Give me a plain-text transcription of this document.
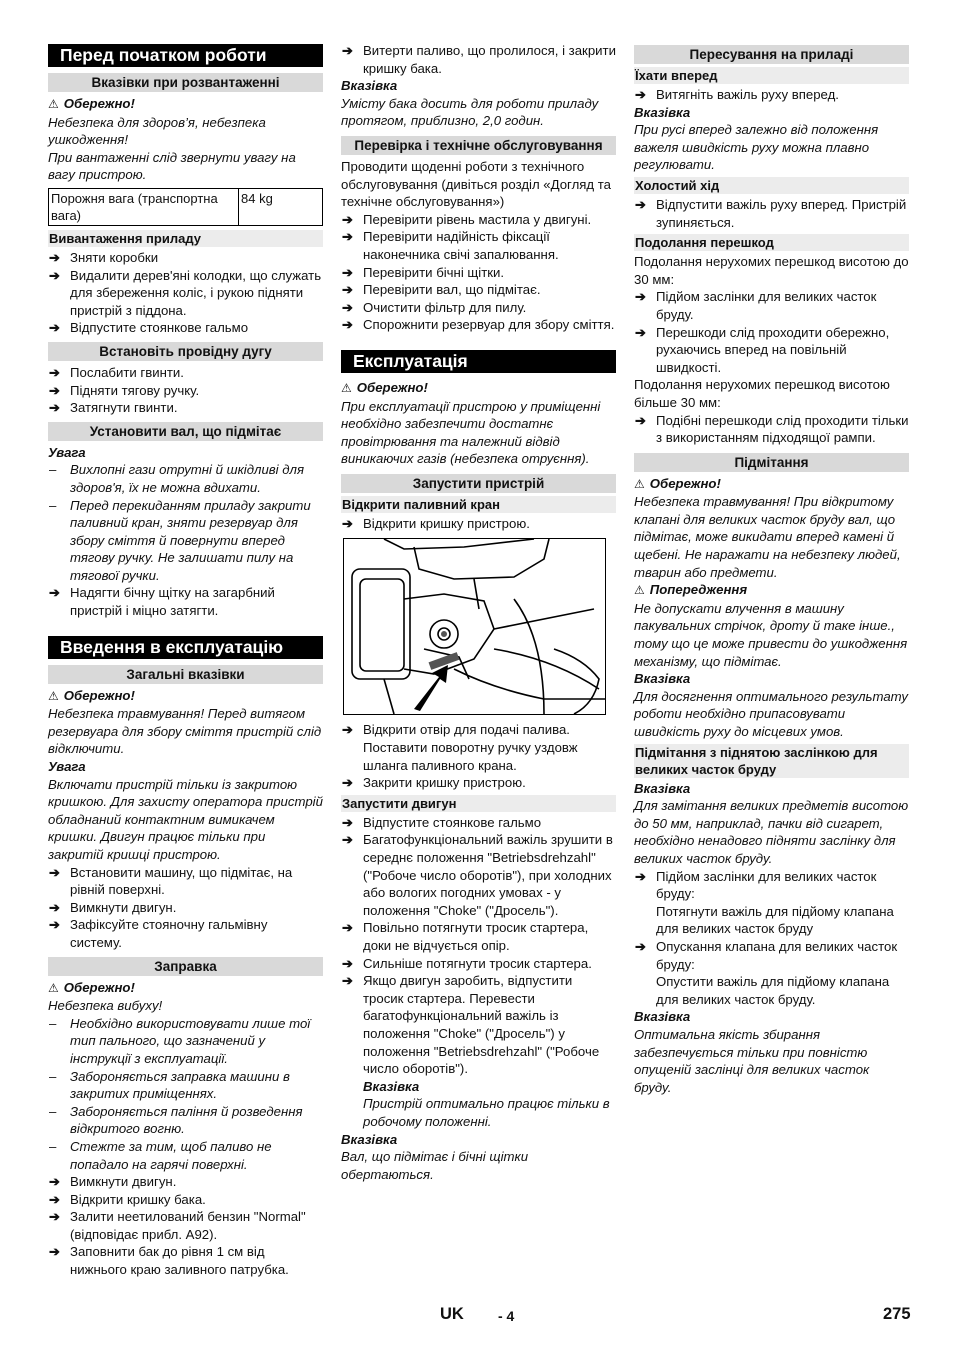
Перед початком роботи
Вказівки при розвантаженні
⚠ Обережно!

Небезпека для здоров’я, небезпека ушкодження!

При вантаженні слід звернути увагу на вагу пристрою.

Порожня вага (транспортна вага)	84 kg
Вивантаження приладу
➔ Зняти коробки
➔ Видалити дерев'яні колодки, що служать для збереження коліс, і рукою підняти пристрій з піддона.
➔ Відпустите стоянкове гальмо
Встановіть провідну дугу
➔ Послабити гвинти.
➔ Підняти тягову ручку.
➔ Затягнути гвинти.
Установити вал, що підмітає
Увага
– Вихлопні гази отрутні й шкідливі для здоров'я, їх не можна вдихати.
– Перед перекиданням приладу закрити паливний кран, зняти резервуар для збору сміття й повернути вперед тягову ручку. Не залишати пилу на тягової ручки.
➔ Надягти бічну щітку на загарбний пристрій і міцно затягти.
Введення в експлуатацію
Загальні вказівки
⚠ Обережно!

Небезпека травмування! Перед витягом резервуара для збору сміття пристрій слід відключити.

Увага

Включати пристрій тільки із закритою кришкою. Для захисту оператора пристрій обладнаний контактним вимикачем кришки. Двигун працює тільки при закритій кришці пристрою.

➔ Встановити машину, що підмітає, на рівній поверхні.
➔ Вимкнути двигун.
➔ Зафіксуйте стояночну гальмівну систему.
Заправка
⚠ Обережно!

Небезпека вибуху!

– Необхідно використовувати лише тої тип пального, що зазначений у інструкції з експлуатації.
– Забороняється заправка машини в закритих приміщеннях.
– Забороняється паління й розведення відкритого вогню.
– Стежте за тим, щоб паливо не попадало на гарячі поверхні.
➔ Вимкнути двигун.
➔ Відкрити кришку бака.
➔ Залити неетилований бензин "Normal" (відповідає прибл. А92).
➔ Заповнити бак до рівня 1 см від нижнього краю заливного патрубка.
➔ Витерти паливо, що пролилося, і закрити кришку бака.
Вказівка

Умісту бака досить для роботи приладу протягом, приблизно, 2,0 годин.

Перевірка і технічне обслуговування

Проводити щоденні роботи з технічного обслуговування (дивіться розділ «Догляд та технічне обслуговування»)

➔ Перевірити рівень мастила у двигуні.
➔ Перевірити надійність фіксації наконечника свічі запалювання.
➔ Перевірити бічні щітки.
➔ Перевірити вал, що підмітає.
➔ Очистити фільтр для пилу.
➔ Спорожнити резервуар для збору сміття.
Експлуатація
⚠ Обережно!

При експлуатації пристрою у приміщенні необхідно забезпечити достатнє провітрювання та належний відвід виникаючих газів (небезпека отруєння).

Запустити пристрій
Відкрити паливний кран
➔ Відкрити кришку пристрою.
➔ Відкрити отвір для подачі палива. Поставити поворотну ручку уздовж шланга паливного крана.
➔ Закрити кришку пристрою.
Запустити двигун
➔ Відпустите стоянкове гальмо
➔ Багатофункціональний важіль зрушити в середнє положення "Betriebsdrehzahl" ("Робоче число оборотів"), при холодних або вологих погодних умовах - у положення "Choke" ("Дросель").
➔ Повільно потягнути тросик стартера, доки не відчується опір.
➔ Сильніше потягнути тросик стартера.
➔ Якщо двигун заробить, відпустити тросик стартера. Перевести багатофункціональний важіль із положення "Choke" ("Дросель") у положення "Betriebsdrehzahl" ("Робоче число оборотів").
Вказівка
Пристрій оптимально працює тільки в робочому положенні.
Вказівка

Вал, що підмітає і бічні щітки обертаються.

Пересування на приладі
Їхати вперед
➔ Витягніть важіль руху вперед.
Вказівка

При русі вперед залежно від положення важеля швидкість руху можна плавно регулювати.

Холостий хід
➔ Відпустити важіль руху вперед. Пристрій зупиняється.
Подолання перешкод

Подолання нерухомих перешкод висотою до 30 мм:

➔ Підйом заслінки для великих часток бруду.
➔ Перешкоди слід проходити обережно, рухаючись вперед на повільній швидкості.

Подолання нерухомих перешкод висотою більше 30 мм:

➔ Подібні перешкоди слід проходити тільки з використанням підходящої рампи.
Підмітання
⚠ Обережно!

Небезпека травмування! При відкритому клапані для великих часток бруду вал, що підмітає, може викидати вперед камені й щебені. Не наражати на небезпеку людей, тварин або предмети.

⚠ Попередження

Не допускати влучення в машину пакувальних стрічок, дроту й таке інше., тому що це може привести до ушкодження механізму, що підмітає.

Вказівка

Для досягнення оптимального результату роботи необхідно припасовувати швидкість руху до місцевих умов.

Підмітання з піднятою заслінкою для великих часток бруду
Вказівка

Для замітання великих предметів висотою до 50 мм, наприклад, пачки від сигарет, необхідно ненадовго підняти заслінку для великих часток бруду.

➔ Підйом заслінки для великих часток бруду:
Потягнути важіль для підйому клапана для великих часток бруду
➔ Опускання клапана для великих часток бруду:
Опустити важіль для підйому клапана для великих часток бруду.
Вказівка

Оптимальна якість збирання забезпечується тільки при повністю опущеній заслінці для великих часток бруду.

UK - 4	275
